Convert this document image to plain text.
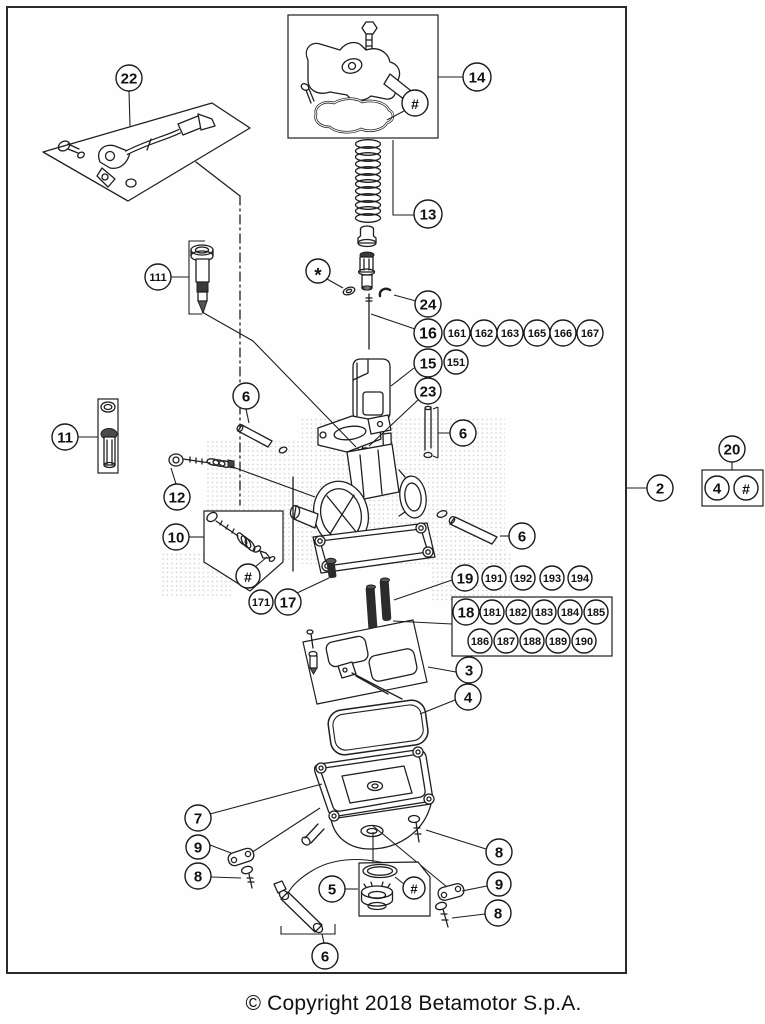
22	14
#
13
*
24
16 161 162 163 165 166 167
15 151
23
111
11
6
12
10
#
171 17
6
6
2
20
4 #
19 191 192 193 194
18 181 182 183 184 185
186 187 188 189 190
3
4
7
9
8
8
9
8
5	#
6
© Copyright 2018 Betamotor S.p.A.
